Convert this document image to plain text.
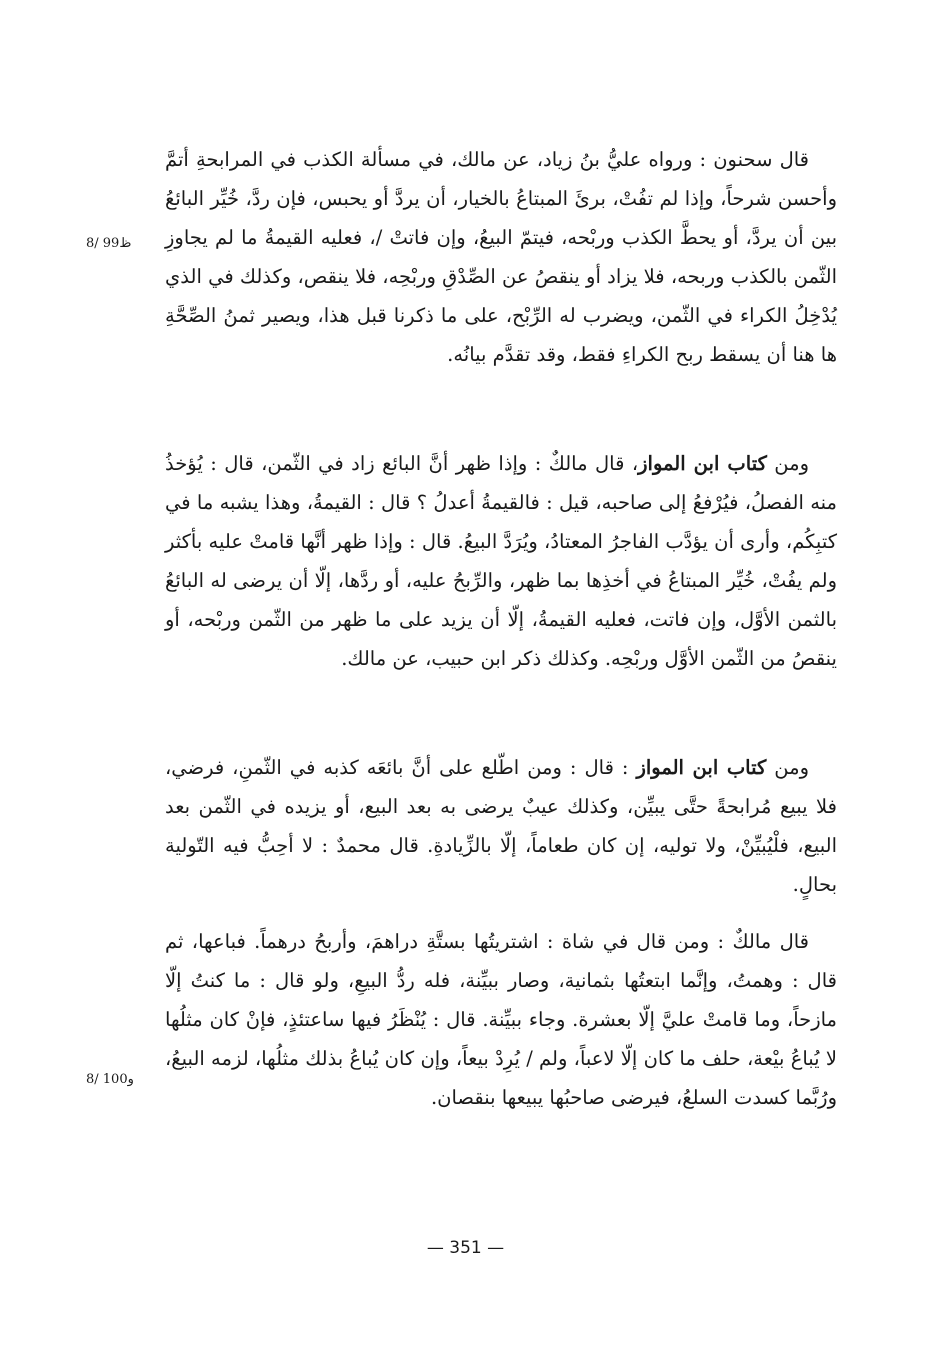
8/ 99ظ
8/ 100و

قال سحنون : ورواه عليُّ بنُ زياد، عن مالك، في مسألة الكذب في المرابحةِ أتمَّ وأحسن شرحاً، وإذا لم تفُتْ، برئَ المبتاعُ بالخيار، أن يردَّ أو يحبس، فإن ردَّ، خُيِّر البائعُ بين أن يردَّ، أو يحطَّ الكذب وربْحه، فيتمّ البيعُ، وإن فاتتْ /، فعليه القيمةُ ما لم يجاوزِ الثّمن بالكذب وربحه، فلا يزاد أو ينقصُ عن الصِّدْقِ وربْحِه، فلا ينقص، وكذلك في الذي يُدْخِلُ الكراء في الثّمن، ويضرب له الرِّبْح، على ما ذكرنا قبل هذا، ويصير ثمنُ الصِّحَّةِ ها هنا أن يسقط ربح الكراءِ فقط، وقد تقدَّم بيانُه.

ومن كتاب ابن المواز، قال مالكٌ : وإذا ظهر أنَّ البائع زاد في الثّمن، قال : يُؤخذُ منه الفصلُ، فيُرْفعُ إلى صاحبه، قيل : فالقيمةُ أعدلُ ؟ قال : القيمةُ، وهذا يشبه ما في كتبِكُم، وأرى أن يؤدَّب الفاجرُ المعتادُ، ويُرَدَّ البيعُ. قال : وإذا ظهر أنَّها قامتْ عليه بأكثر ولم يفُتْ، خُيِّر المبتاعُ في أخذِها بما ظهر، والرِّبحُ عليه، أو ردَّها، إلّا أن يرضى له البائعُ بالثمن الأوَّل، وإن فاتت، فعليه القيمةُ، إلّا أن يزيد على ما ظهر من الثّمن وربْحه، أو ينقصُ من الثّمن الأوَّل وربْحِه. وكذلك ذكر ابن حبيب، عن مالك.

ومن كتاب ابن المواز : قال : ومن اطّلع على أنَّ بائعَه كذبه في الثّمنِ، فرضي، فلا يبيع مُرابحةً حتَّى يبيِّن، وكذلك عيبٌ يرضى به بعد البيع، أو يزيده في الثّمن بعد البيع، فلْيُبيِّنْ، ولا توليه، إن كان طعاماً، إلّا بالزِّيادةِ. قال محمدٌ : لا أحِبُّ فيه التّولية بحالٍ.

قال مالكٌ : ومن قال في شاة : اشتريتُها بستَّةِ دراهمَ، وأربحُ درهماً. فباعها، ثم قال : وهمتُ، وإنَّما ابتعتُها بثمانية، وصار ببيِّنة، فله ردُّ البيعِ، ولو قال : ما كنتُ إلّا مازحاً، وما قامتْ عليَّ إلّا بعشرة. وجاء ببيِّنة. قال : يُنْظَرُ فيها ساعتئذٍ، فإنْ كان مثلُها لا يُباعُ بيْعة، حلف ما كان إلّا لاعباً، ولم / يُرِدْ بيعاً، وإن كان يُباعُ بذلك مثلُها، لزمه البيعُ، ورُبَّما كسدت السلعُ، فيرضى صاحبُها يبيعها بنقصان.

— 351 —
